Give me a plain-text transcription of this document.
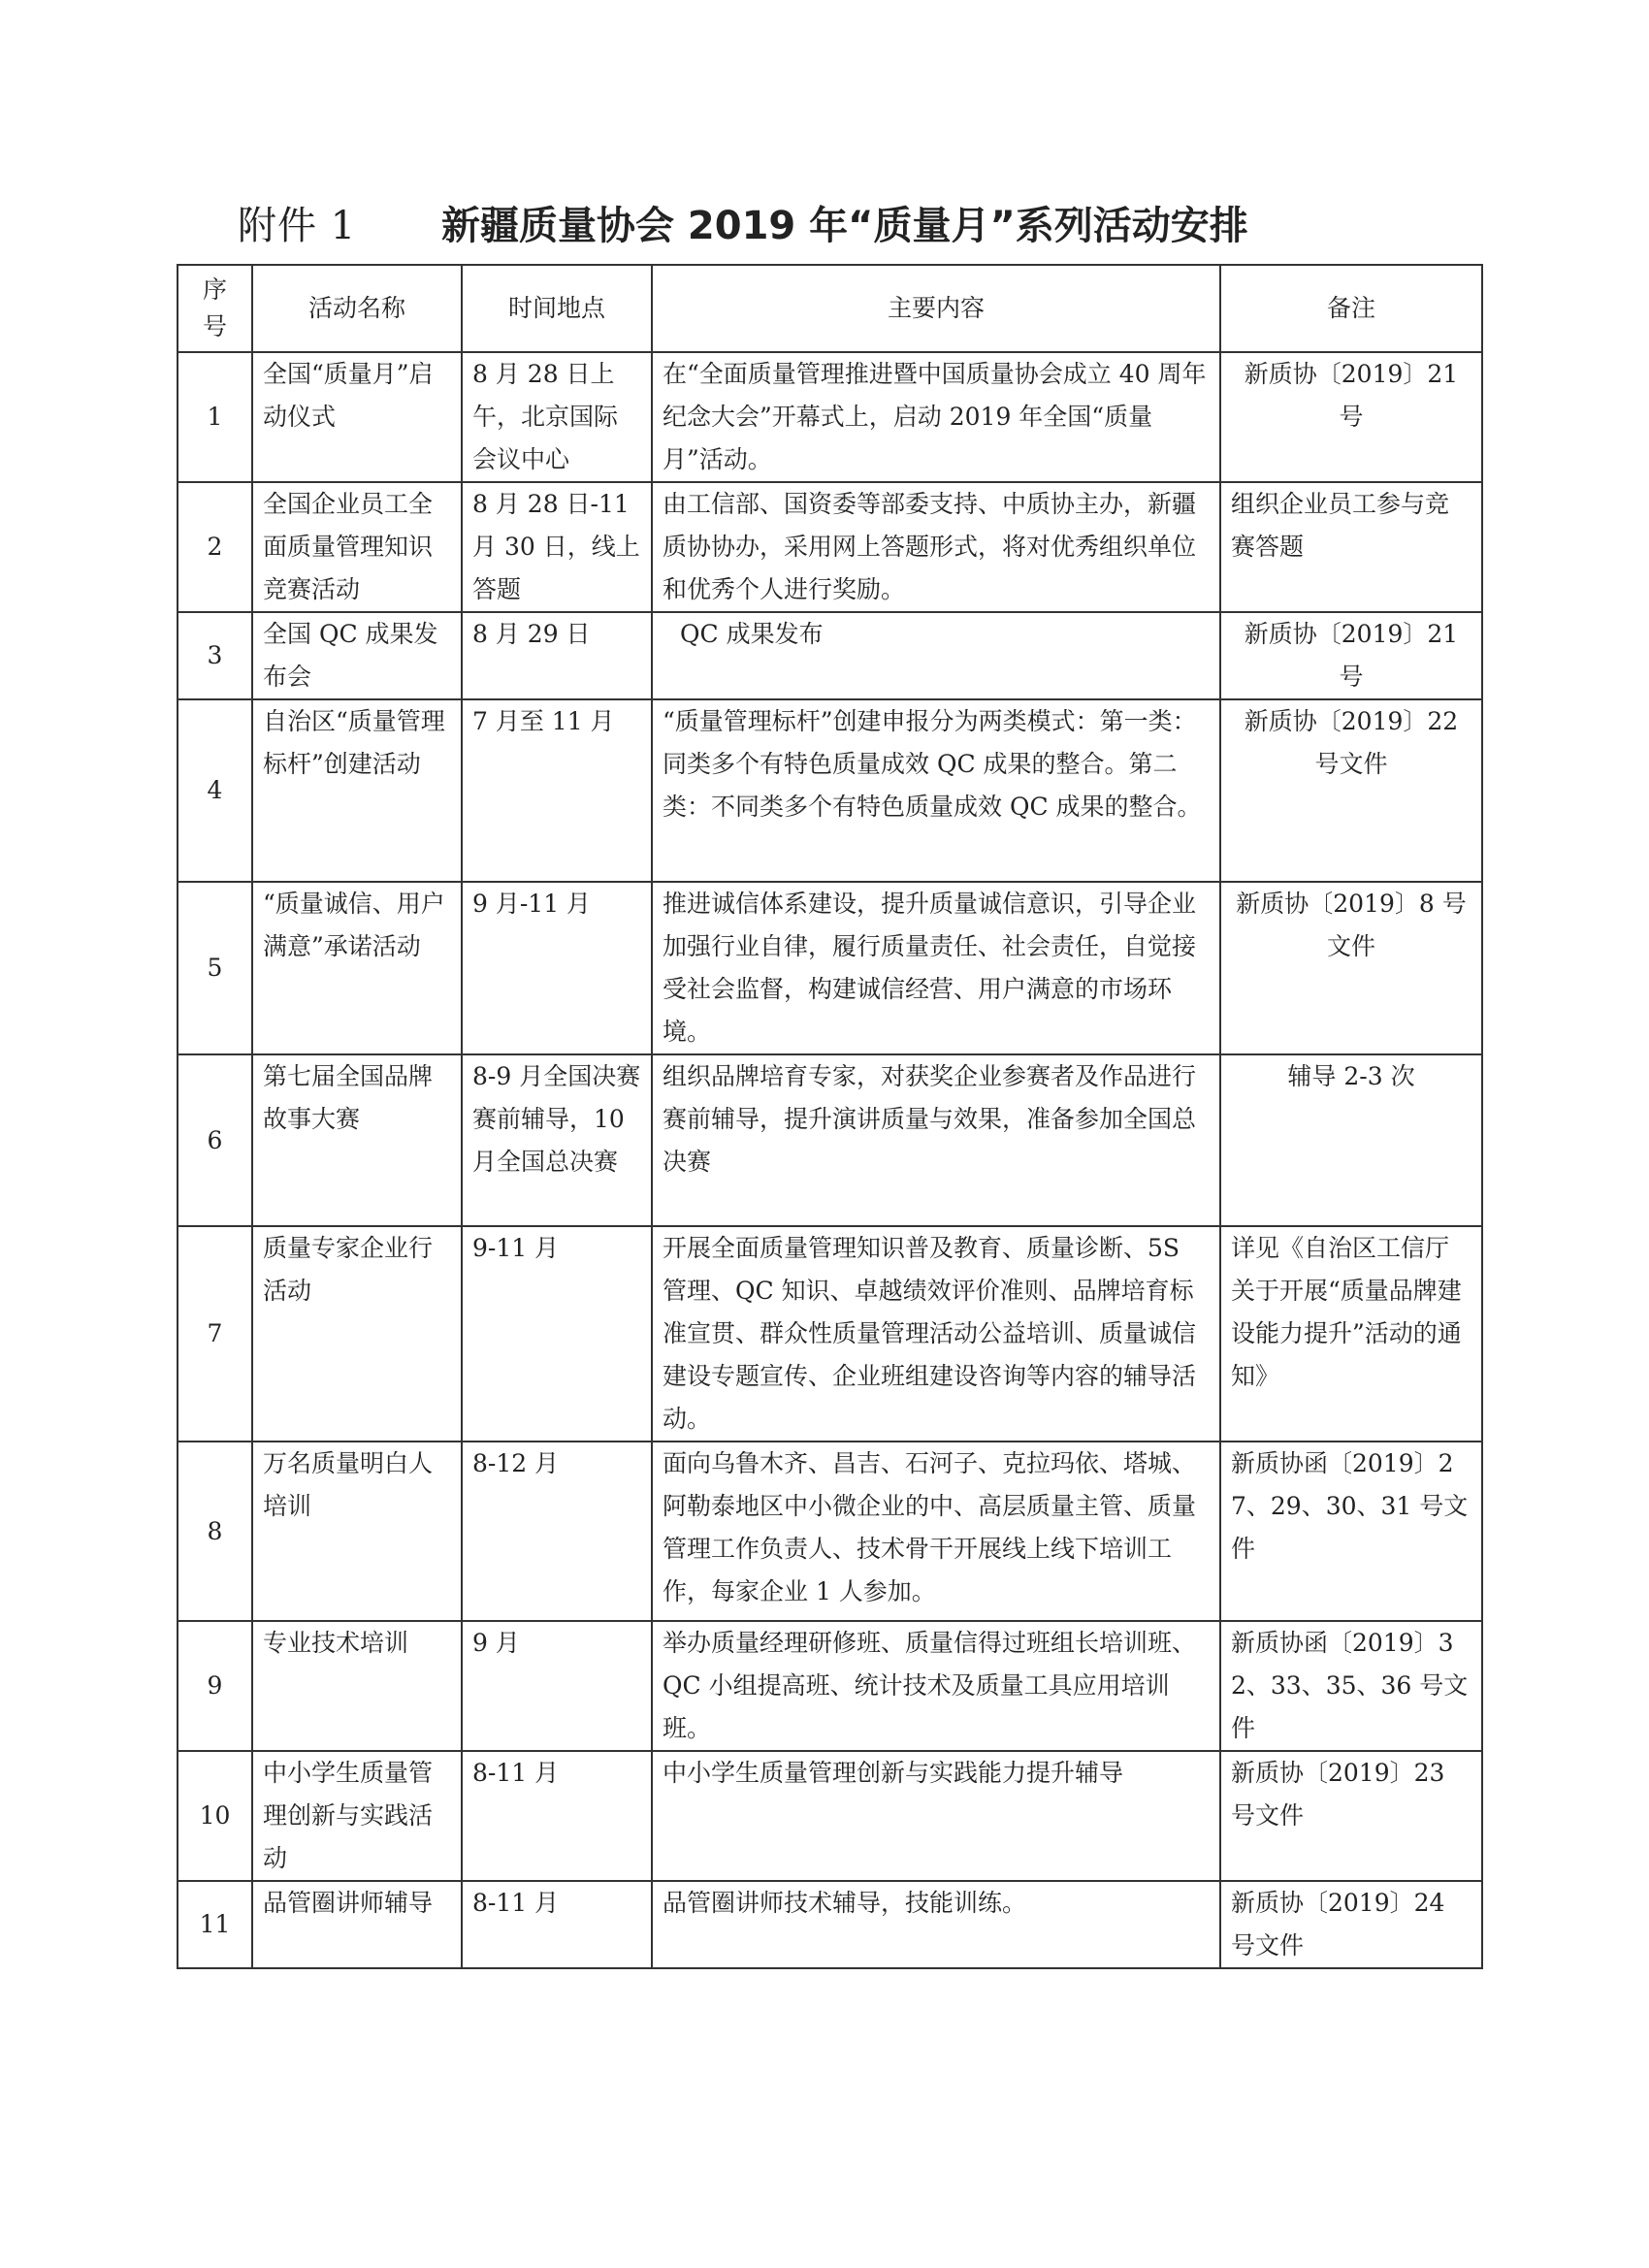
附件 1 新疆质量协会 2019 年“质量月”系列活动安排
序号	活动名称	时间地点	主要内容	备注
1	全国“质量月”启动仪式	8 月 28 日上午，北京国际会议中心	在“全面质量管理推进暨中国质量协会成立 40 周年纪念大会”开幕式上，启动 2019 年全国“质量月”活动。	新质协〔2019〕21 号
2	全国企业员工全面质量管理知识竞赛活动	8 月 28 日-11 月 30 日，线上答题	由工信部、国资委等部委支持、中质协主办，新疆质协协办，采用网上答题形式，将对优秀组织单位和优秀个人进行奖励。	组织企业员工参与竞赛答题
3	全国 QC 成果发布会	8 月 29 日	QC 成果发布	新质协〔2019〕21 号
4	自治区“质量管理标杆”创建活动	7 月至 11 月	“质量管理标杆”创建申报分为两类模式：第一类：同类多个有特色质量成效 QC 成果的整合。第二类：不同类多个有特色质量成效 QC 成果的整合。	新质协〔2019〕22 号文件
5	“质量诚信、用户满意”承诺活动	9 月-11 月	推进诚信体系建设，提升质量诚信意识，引导企业加强行业自律，履行质量责任、社会责任，自觉接受社会监督，构建诚信经营、用户满意的市场环境。	新质协〔2019〕8 号文件
6	第七届全国品牌故事大赛	8-9 月全国决赛赛前辅导，10 月全国总决赛	组织品牌培育专家，对获奖企业参赛者及作品进行赛前辅导，提升演讲质量与效果，准备参加全国总决赛	辅导 2-3 次
7	质量专家企业行活动	9-11 月	开展全面质量管理知识普及教育、质量诊断、5S 管理、QC 知识、卓越绩效评价准则、品牌培育标准宣贯、群众性质量管理活动公益培训、质量诚信建设专题宣传、企业班组建设咨询等内容的辅导活动。	详见《自治区工信厅关于开展“质量品牌建设能力提升”活动的通知》
8	万名质量明白人培训	8-12 月	面向乌鲁木齐、昌吉、石河子、克拉玛依、塔城、阿勒泰地区中小微企业的中、高层质量主管、质量管理工作负责人、技术骨干开展线上线下培训工作，每家企业 1 人参加。	新质协函〔2019〕27、29、30、31 号文件
9	专业技术培训	9 月	举办质量经理研修班、质量信得过班组长培训班、QC 小组提高班、统计技术及质量工具应用培训班。	新质协函〔2019〕32、33、35、36 号文件
10	中小学生质量管理创新与实践活动	8-11 月	中小学生质量管理创新与实践能力提升辅导	新质协〔2019〕23 号文件
11	品管圈讲师辅导	8-11 月	品管圈讲师技术辅导，技能训练。	新质协〔2019〕24 号文件
